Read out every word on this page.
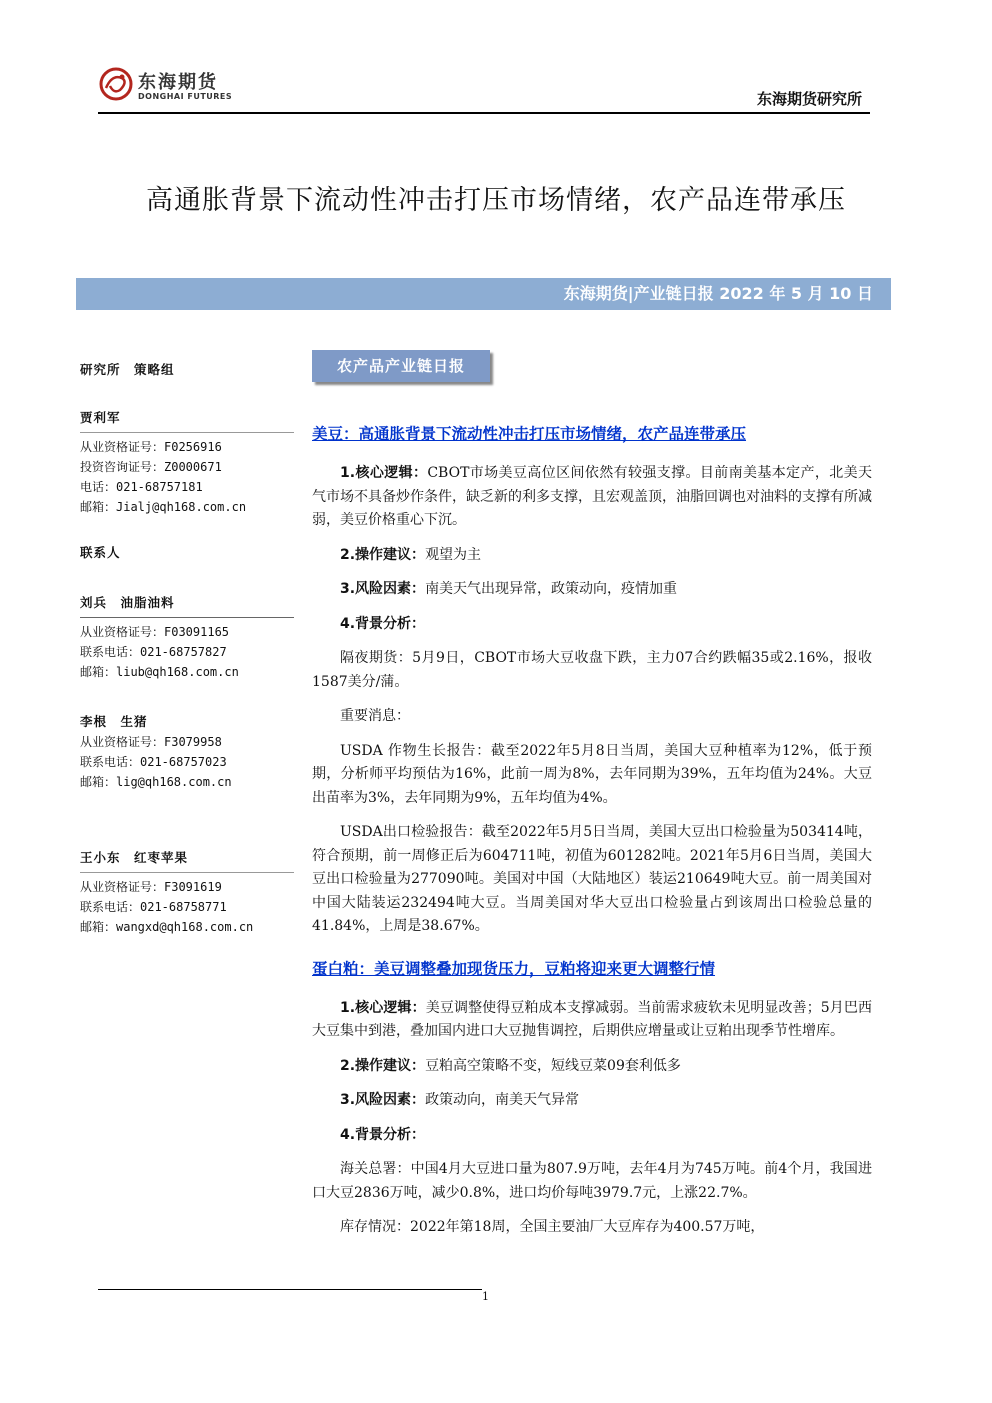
东海期货
DONGHAI FUTURES	东海期货研究所
高通胀背景下流动性冲击打压市场情绪，农产品连带承压
东海期货|产业链日报 2022 年 5 月 10 日
研究所　策略组
贾利军
从业资格证号：F0256916
投资咨询证号：Z0000671
电话：021-68757181
邮箱：Jialj@qh168.com.cn
联系人
刘兵　油脂油料
从业资格证号：F03091165
联系电话：021-68757827
邮箱：liub@qh168.com.cn
李根　生猪
从业资格证号：F3079958
联系电话：021-68757023
邮箱：lig@qh168.com.cn
王小东　红枣苹果
从业资格证号：F3091619
联系电话：021-68758771
邮箱：wangxd@qh168.com.cn
农产品产业链日报
美豆：高通胀背景下流动性冲击打压市场情绪，农产品连带承压

1.核心逻辑：CBOT市场美豆高位区间依然有较强支撑。目前南美基本定产，北美天气市场不具备炒作条件，缺乏新的利多支撑，且宏观盖顶，油脂回调也对油料的支撑有所减弱，美豆价格重心下沉。

2.操作建议：观望为主

3.风险因素：南美天气出现异常，政策动向，疫情加重

4.背景分析：

隔夜期货：5月9日，CBOT市场大豆收盘下跌，主力07合约跌幅35或2.16%，报收1587美分/蒲。

重要消息：

USDA 作物生长报告：截至2022年5月8日当周，美国大豆种植率为12%，低于预期，分析师平均预估为16%，此前一周为8%，去年同期为39%，五年均值为24%。大豆出苗率为3%，去年同期为9%，五年均值为4%。

USDA出口检验报告：截至2022年5月5日当周，美国大豆出口检验量为503414吨，符合预期，前一周修正后为604711吨，初值为601282吨。2021年5月6日当周，美国大豆出口检验量为277090吨。美国对中国（大陆地区）装运210649吨大豆。前一周美国对中国大陆装运232494吨大豆。当周美国对华大豆出口检验量占到该周出口检验总量的41.84%，上周是38.67%。

蛋白粕：美豆调整叠加现货压力，豆粕将迎来更大调整行情

1.核心逻辑：美豆调整使得豆粕成本支撑减弱。当前需求疲软未见明显改善；5月巴西大豆集中到港，叠加国内进口大豆抛售调控，后期供应增量或让豆粕出现季节性增库。

2.操作建议：豆粕高空策略不变，短线豆菜09套利低多

3.风险因素：政策动向，南美天气异常

4.背景分析：

海关总署：中国4月大豆进口量为807.9万吨，去年4月为745万吨。前4个月，我国进口大豆2836万吨，减少0.8%，进口均价每吨3979.7元，上涨22.7%。

库存情况：2022年第18周，全国主要油厂大豆库存为400.57万吨，

1
